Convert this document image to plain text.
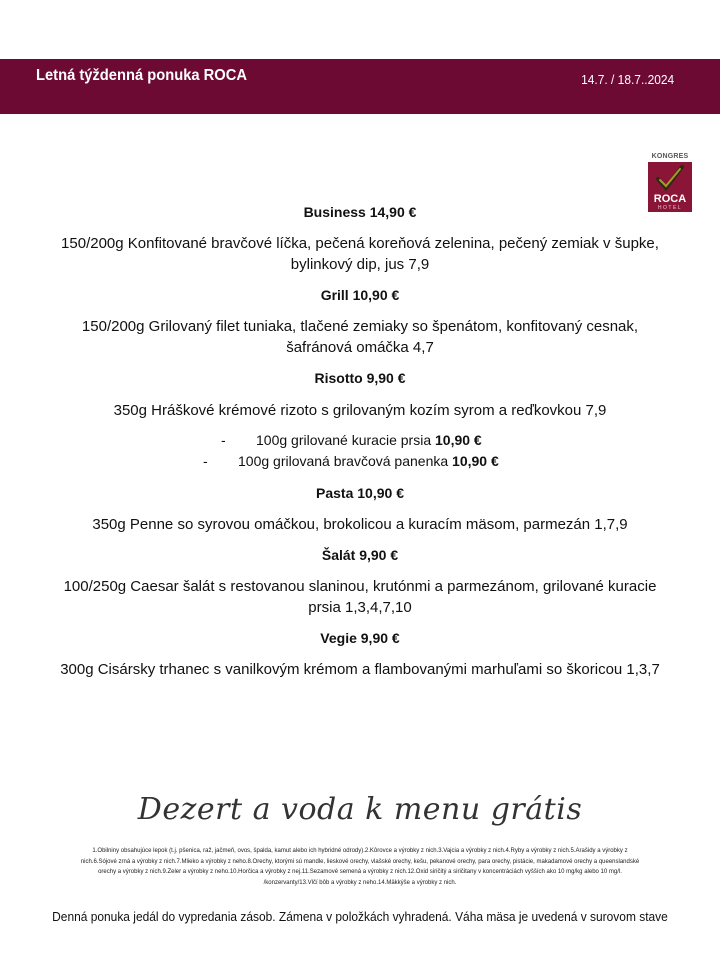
Letná týždenná ponuka ROCA	14.7. / 18.7..2024
KONGRES
ROCA
HOTEL
Business 14,90 €
150/200g Konfitované bravčové líčka, pečená koreňová zelenina, pečený zemiak v šupke,
bylinkový dip, jus 7,9
Grill 10,90 €
150/200g Grilovaný filet tuniaka, tlačené zemiaky so špenátom, konfitovaný cesnak,
šafránová omáčka 4,7
Risotto 9,90 €
350g Hráškové krémové rizoto s grilovaným kozím syrom a reďkovkou 7,9
- 100g grilované kuracie prsia 10,90 €
- 100g grilovaná bravčová panenka 10,90 €
Pasta 10,90 €
350g Penne so syrovou omáčkou, brokolicou a kuracím mäsom, parmezán 1,7,9
Šalát 9,90 €
100/250g Caesar šalát s restovanou slaninou, krutónmi a parmezánom, grilované kuracie
prsia 1,3,4,7,10
Vegie 9,90 €
300g Cisársky trhanec s vanilkovým krémom a flambovanými marhuľami so škoricou 1,3,7
Dezert a voda k menu grátis
1.Obilniny obsahujúce lepok (t.j. pšenica, raž, jačmeň, ovos, špalda, kamut alebo ich hybridné odrody).2.Kôrovce a výrobky z nich.3.Vajcia a výrobky z nich.4.Ryby a výrobky z nich.5.Arašidy a výrobky z
nich.6.Sójové zrná a výrobky z nich.7.Mlieko a výrobky z neho.8.Orechy, ktorými sú mandle, lieskové orechy, vlašské orechy, kešu, pekanové orechy, para orechy, pistácie, makadamové orechy a queenslandské
orechy a výrobky z nich.9.Zeler a výrobky z neho.10.Horčica a výrobky z nej.11.Sezamové semená a výrobky z nich.12.Oxid siričitý a siričitany v koncentráciách vyšších ako 10 mg/kg alebo 10 mg/l.
/konzervanty/13.Vlčí bôb a výrobky z neho.14.Mäkkýše a výrobky z nich.
Denná ponuka jedál do vypredania zásob. Zámena v položkách vyhradená. Váha mäsa je uvedená v surovom stave
